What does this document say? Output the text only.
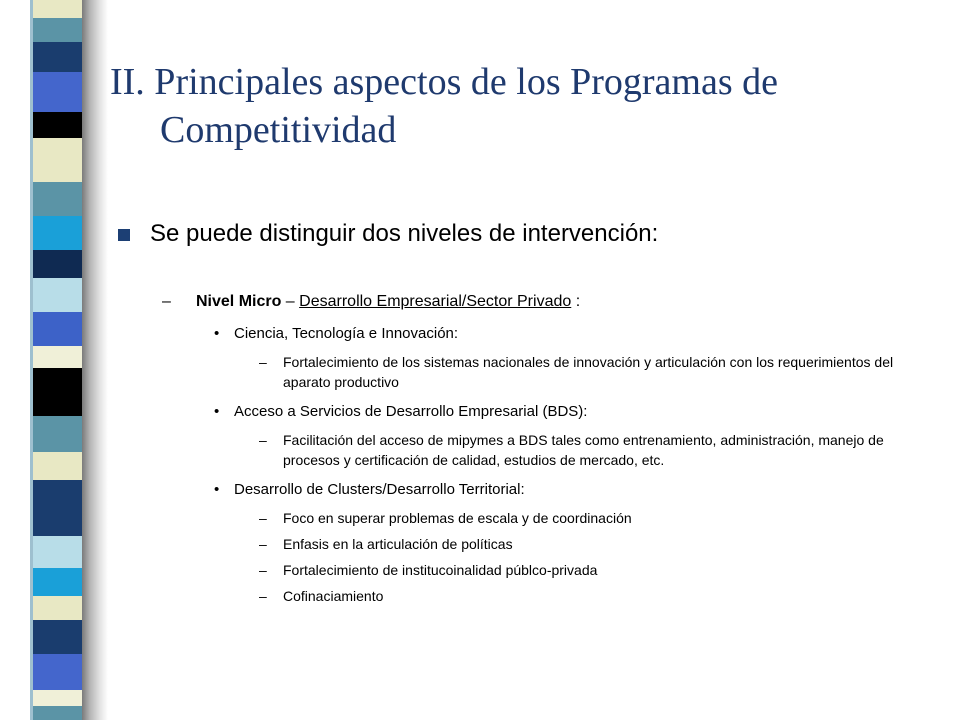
II. Principales aspectos de los Programas de
Competitividad
Se puede distinguir dos niveles de intervención:
– Nivel Micro – Desarrollo Empresarial/Sector Privado :
• Ciencia, Tecnología e Innovación:
– Fortalecimiento de los sistemas nacionales de innovación y articulación con los requerimientos del aparato productivo
• Acceso a Servicios de Desarrollo Empresarial (BDS):
– Facilitación del acceso de mipymes a BDS tales como entrenamiento, administración, manejo de procesos y certificación de calidad, estudios de mercado, etc.
• Desarrollo de Clusters/Desarrollo Territorial:
– Foco en superar problemas de escala y de coordinación
– Enfasis en la articulación de políticas
– Fortalecimiento de institucoinalidad públco-privada
– Cofinaciamiento
